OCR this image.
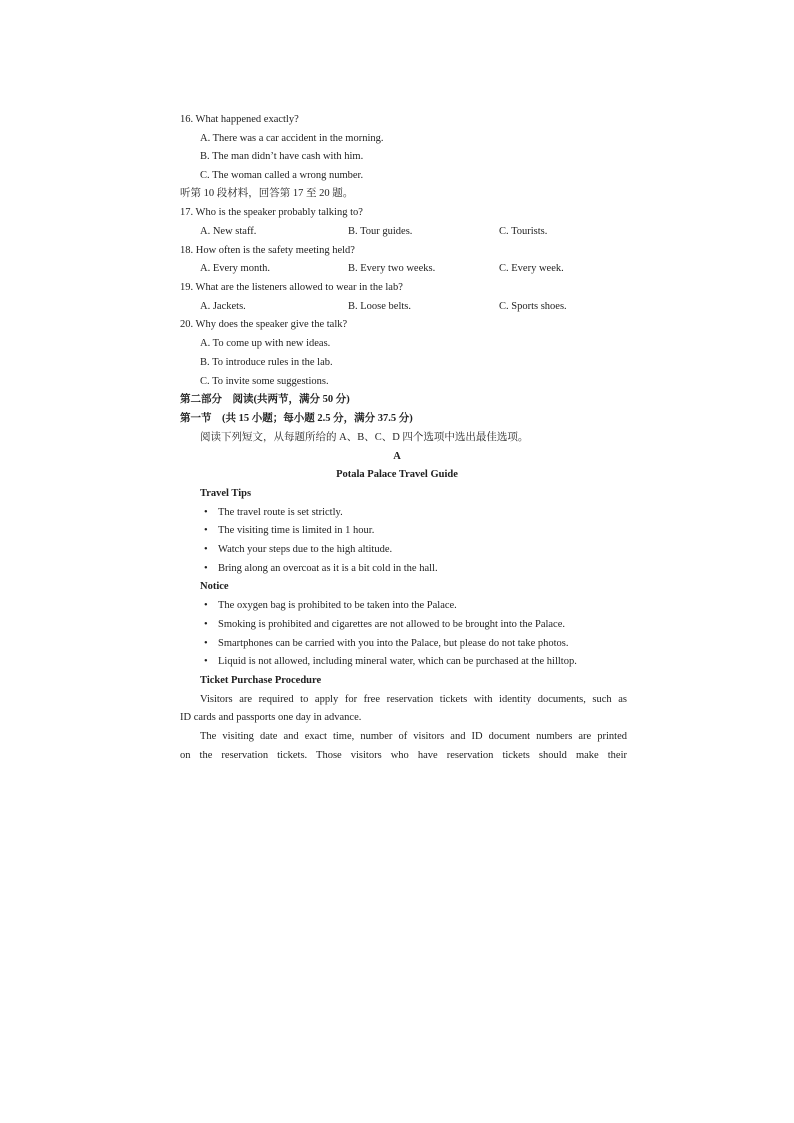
16. What happened exactly?
A. There was a car accident in the morning.
B. The man didn’t have cash with him.
C. The woman called a wrong number.
听第 10 段材料，回答第 17 至 20 题。
17. Who is the speaker probably talking to?
A. New staff.	B. Tour guides.	C. Tourists.
18. How often is the safety meeting held?
A. Every month.	B. Every two weeks.	C. Every week.
19. What are the listeners allowed to wear in the lab?
A. Jackets.	B. Loose belts.	C. Sports shoes.
20. Why does the speaker give the talk?
A. To come up with new ideas.
B. To introduce rules in the lab.
C. To invite some suggestions.
第二部分　阅读(共两节，满分 50 分)
第一节　(共 15 小题；每小题 2.5 分，满分 37.5 分)
阅读下列短文，从每题所给的 A、B、C、D 四个选项中选出最佳选项。
A
Potala Palace Travel Guide
Travel Tips
• The travel route is set strictly.
• The visiting time is limited in 1 hour.
• Watch your steps due to the high altitude.
• Bring along an overcoat as it is a bit cold in the hall.
Notice
• The oxygen bag is prohibited to be taken into the Palace.
• Smoking is prohibited and cigarettes are not allowed to be brought into the Palace.
• Smartphones can be carried with you into the Palace, but please do not take photos.
• Liquid is not allowed, including mineral water, which can be purchased at the hilltop.
Ticket Purchase Procedure
Visitors are required to apply for free reservation tickets with identity documents, such as
ID cards and passports one day in advance.
The visiting date and exact time, number of visitors and ID document numbers are printed
on the reservation tickets. Those visitors who have reservation tickets should make their
